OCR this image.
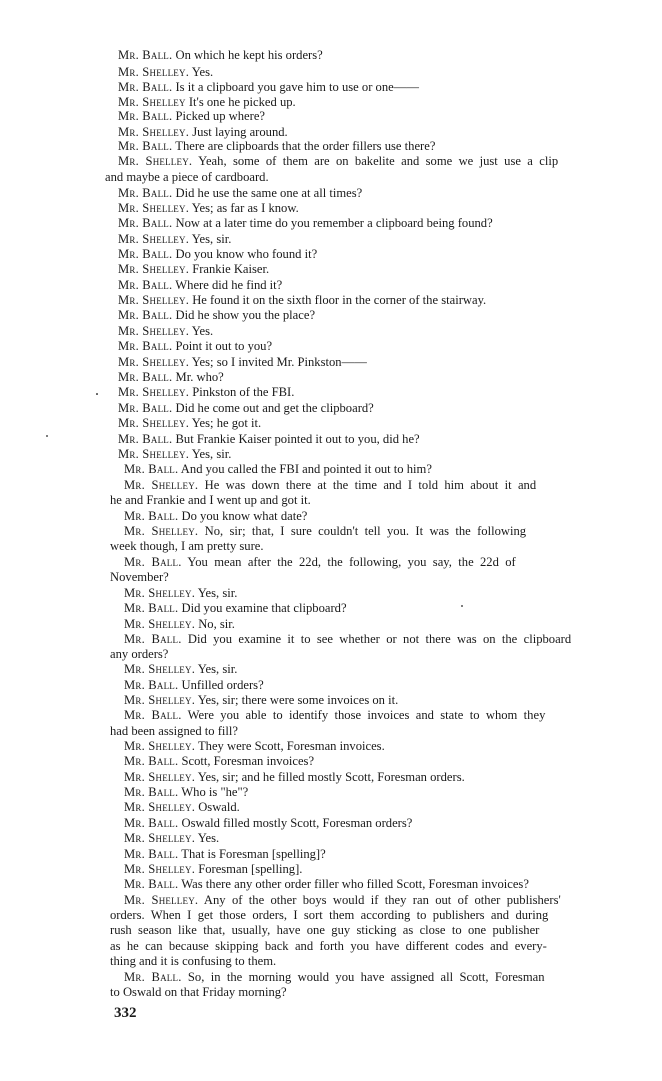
Mr. Ball. On which he kept his orders?
Mr. Shelley. Yes.
Mr. Ball. Is it a clipboard you gave him to use or one——
Mr. Shelley It's one he picked up.
Mr. Ball. Picked up where?
Mr. Shelley. Just laying around.
Mr. Ball. There are clipboards that the order fillers use there?
Mr. Shelley. Yeah, some of them are on bakelite and some we just use a clip
and maybe a piece of cardboard.
Mr. Ball. Did he use the same one at all times?
Mr. Shelley. Yes; as far as I know.
Mr. Ball. Now at a later time do you remember a clipboard being found?
Mr. Shelley. Yes, sir.
Mr. Ball. Do you know who found it?
Mr. Shelley. Frankie Kaiser.
Mr. Ball. Where did he find it?
Mr. Shelley. He found it on the sixth floor in the corner of the stairway.
Mr. Ball. Did he show you the place?
Mr. Shelley. Yes.
Mr. Ball. Point it out to you?
Mr. Shelley. Yes; so I invited Mr. Pinkston——
Mr. Ball. Mr. who?
Mr. Shelley. Pinkston of the FBI.
Mr. Ball. Did he come out and get the clipboard?
Mr. Shelley. Yes; he got it.
Mr. Ball. But Frankie Kaiser pointed it out to you, did he?
Mr. Shelley. Yes, sir.
Mr. Ball. And you called the FBI and pointed it out to him?
Mr. Shelley. He was down there at the time and I told him about it and
he and Frankie and I went up and got it.
Mr. Ball. Do you know what date?
Mr. Shelley. No, sir; that, I sure couldn't tell you. It was the following
week though, I am pretty sure.
Mr. Ball. You mean after the 22d, the following, you say, the 22d of
November?
Mr. Shelley. Yes, sir.
Mr. Ball. Did you examine that clipboard?
Mr. Shelley. No, sir.
Mr. Ball. Did you examine it to see whether or not there was on the clipboard
any orders?
Mr. Shelley. Yes, sir.
Mr. Ball. Unfilled orders?
Mr. Shelley. Yes, sir; there were some invoices on it.
Mr. Ball. Were you able to identify those invoices and state to whom they
had been assigned to fill?
Mr. Shelley. They were Scott, Foresman invoices.
Mr. Ball. Scott, Foresman invoices?
Mr. Shelley. Yes, sir; and he filled mostly Scott, Foresman orders.
Mr. Ball. Who is "he"?
Mr. Shelley. Oswald.
Mr. Ball. Oswald filled mostly Scott, Foresman orders?
Mr. Shelley. Yes.
Mr. Ball. That is Foresman [spelling]?
Mr. Shelley. Foresman [spelling].
Mr. Ball. Was there any other order filler who filled Scott, Foresman invoices?
Mr. Shelley. Any of the other boys would if they ran out of other publishers'
orders. When I get those orders, I sort them according to publishers and during
rush season like that, usually, have one guy sticking as close to one publisher
as he can because skipping back and forth you have different codes and every-
thing and it is confusing to them.
Mr. Ball. So, in the morning would you have assigned all Scott, Foresman
to Oswald on that Friday morning?
332
